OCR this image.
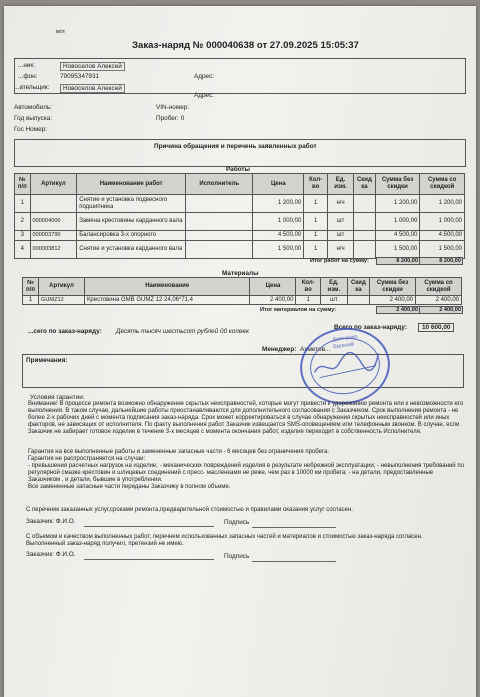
м/л
Заказ-наряд № 000040638 от 27.09.2025 15:05:37
...ник:	Новоселов Алексей
...фон:	79095347931	Адрес:
...ательщик:	Новоселов Алексей
Адрес:
Автомобиль:
Год выпуска:
Гос Номер:
VIN-номер:
Пробег: 0
Причина обращения и перечень заявленных работ
Работы
№ п/п	Артикул	Наименование работ	Исполнитель	Цена	Кол-во	Ед. изм.	Скид ка	Сумма без скидки	Сумма со скидкой
1		Снятие и установка подвесного подшипника		1 200,00	1	н/ч		1 200,00	1 200,00
2	000004000	Замена крестовины карданного вала		1 000,00	1	шт		1 000,00	1 000,00
3	000003790	Балансировка 3-х опорного		4 500,00	1	шт		4 500,00	4 500,00
4	000003812	Снятие и установка карданного вала		1 500,00	1	н/ч		1 500,00	1 500,00
Итог работ на сумму:	8 200,00	8 200,00
Материалы
№ п/п	Артикул	Наименование	Цена	Кол-во	Ед. изм.	Скид ка	Сумма без скидки	Сумма со скидкой
1	GUMZ12	Крестовина GMB GUMZ 12 24,06*71,4	2 400,00	1	шт		2 400,00	2 400,00
Итог материалов на сумму:	2 400,00	2 400,00
...сего по заказ-наряду: Десять тысяч шестьсот рублей 00 копеек
Всего по заказ-наряду:	10 600,00
Менеджер: Ахметов...
Примечания:
Демченко
Евгений
Условия гарантии:
Внимание! В процессе ремонта возможно обнаружение скрытых неисправностей, которые могут привести к удорожанию ремонта или к невозможности его выполнения. В таком случае, дальнейшие работы приостанавливаются для дополнительного согласования с Заказчиком. Срок выполнения ремонта - не более 2-х рабочих дней с момента подписания заказ-наряда. Срок может корректироваться в случае обнаружения скрытых неисправностей или иных факторов, не зависящих от исполнителя. По факту выполнения работ Заказчик извещается SMS-оповещением или телефонным звонком. В случае, если Заказчик не забирает готовое изделие в течение 3-х месяцев с момента окончания работ, изделие переходит в собственность Исполнителя.
Гарантия на все выполненные работы и замененные запасные части - 6 месяцев без ограничения пробега.
Гарантия не распространяется на случаи:
- превышения расчетных нагрузок на изделие; - механических повреждений изделия в результате небрежной эксплуатации; - невыполнения требований по регулярной смазке крестовин и шлицевых соединений с пресс- масленками не реже, чем раз в 10000 км пробега; - на детали, предоставленные Заказчиком , и детали, бывшие в употреблении.
Все замененные запасные части переданы Заказчику в полном объеме.
С перечнем заказанных услуг,сроками ремонта,предварительной стоимостью и правилами оказания услуг согласен.
Заказчик: Ф.И.О.	Подпись
С объемом и качеством выполненных работ, перечнем использованных запасных частей и материалов и стоимостью заказ-наряда согласен. Выполненный заказ-наряд получил, претензий не имею.
Заказчик: Ф.И.О.	Подпись
